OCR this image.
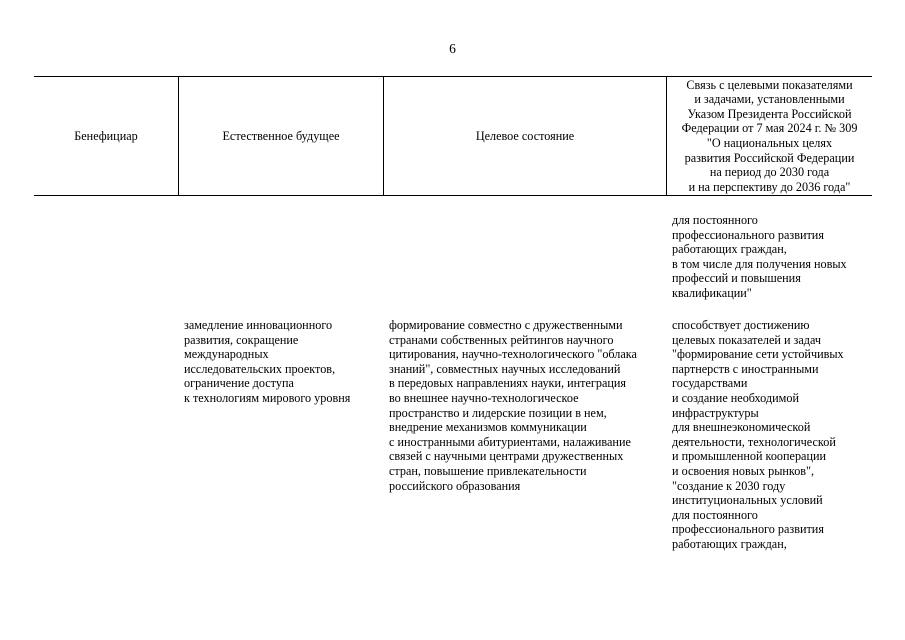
6
Бенефициар	Естественное будущее	Целевое состояние
Связь с целевыми показателями
и задачами, установленными
Указом Президента Российской
Федерации от 7 мая 2024 г. № 309
"О национальных целях
развития Российской Федерации
на период до 2030 года
и на перспективу до 2036 года"
для постоянного
профессионального развития
работающих граждан,
в том числе для получения новых
профессий и повышения
квалификации"
замедление инновационного
развития, сокращение
международных
исследовательских проектов,
ограничение доступа
к технологиям мирового уровня
формирование совместно с дружественными
странами собственных рейтингов научного
цитирования, научно-технологического "облака
знаний", совместных научных исследований
в передовых направлениях науки, интеграция
во внешнее научно-технологическое
пространство и лидерские позиции в нем,
внедрение механизмов коммуникации
с иностранными абитуриентами, налаживание
связей с научными центрами дружественных
стран, повышение привлекательности
российского образования
способствует достижению
целевых показателей и задач
"формирование сети устойчивых
партнерств с иностранными
государствами
и создание необходимой
инфраструктуры
для внешнеэкономической
деятельности, технологической
и промышленной кооперации
и освоения новых рынков",
"создание к 2030 году
институциональных условий
для постоянного
профессионального развития
работающих граждан,
